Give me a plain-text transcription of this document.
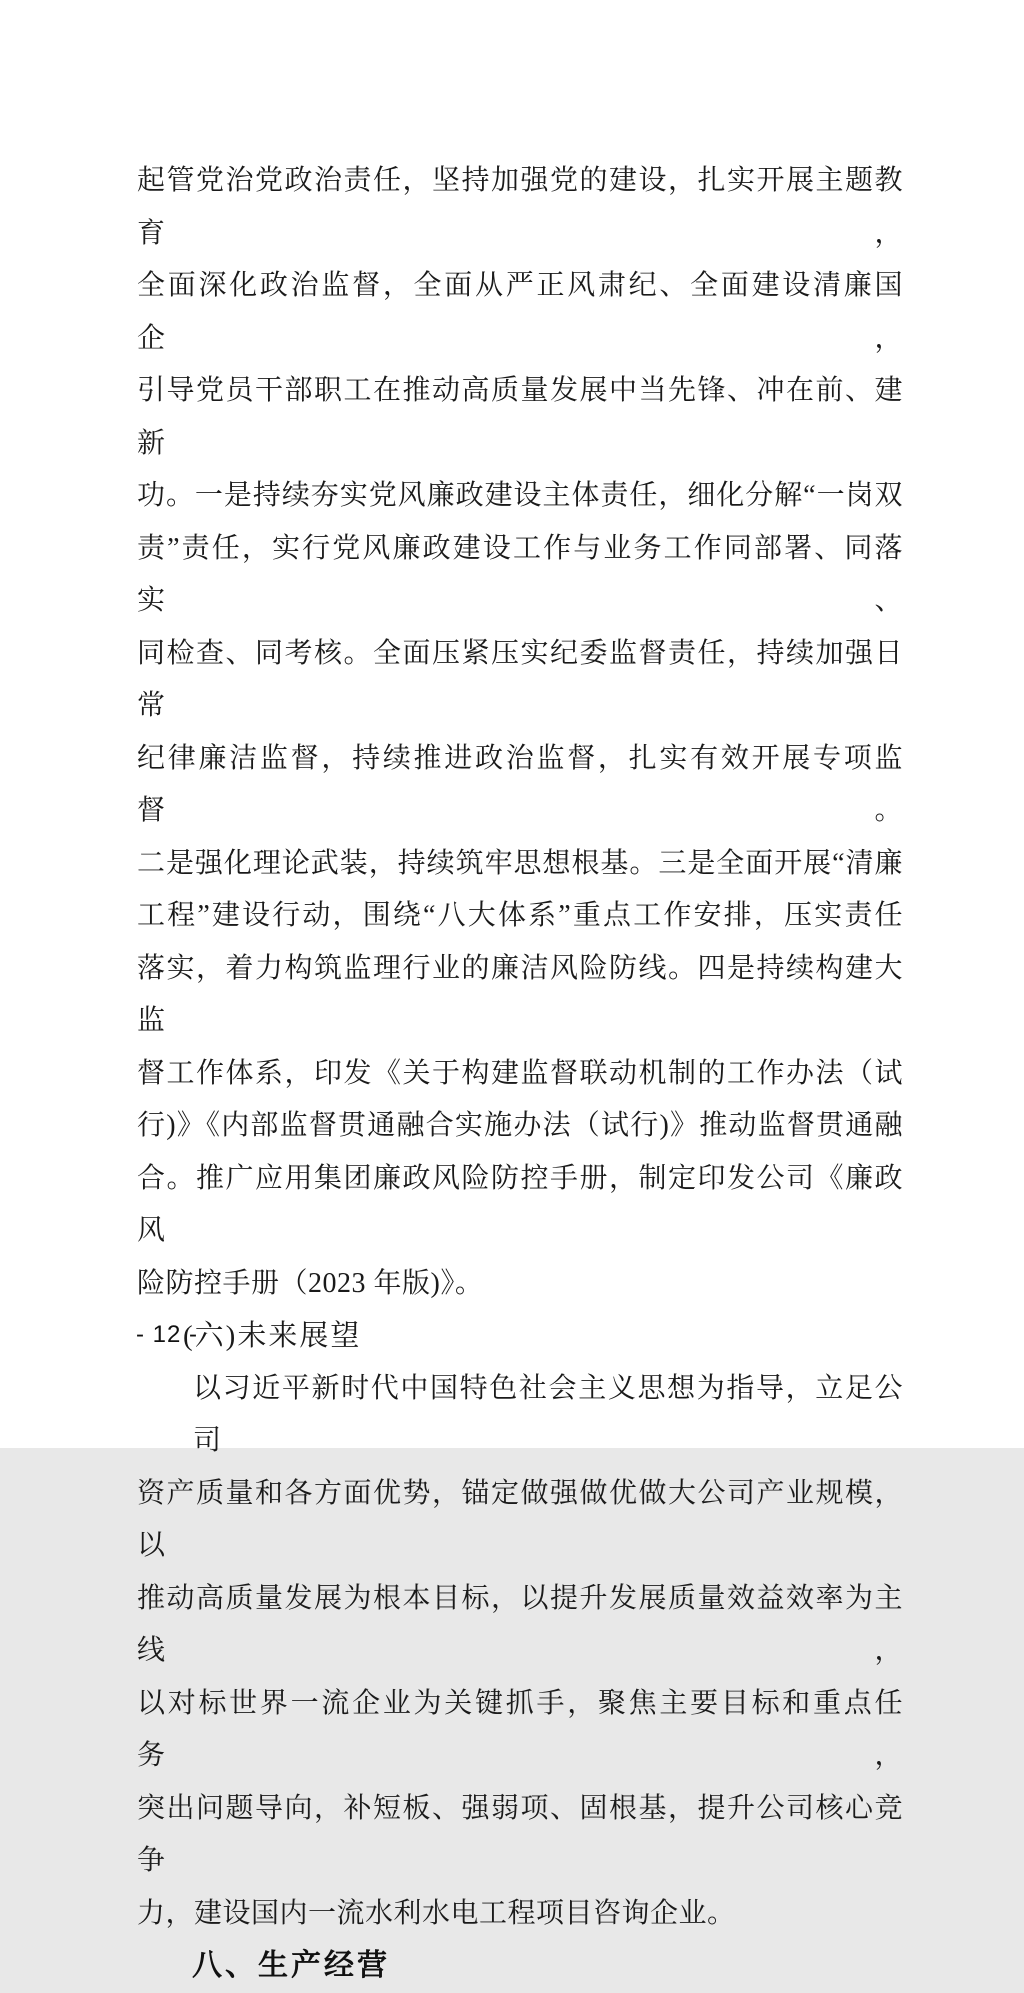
起管党治党政治责任，坚持加强党的建设，扎实开展主题教育，
全面深化政治监督，全面从严正风肃纪、全面建设清廉国企，
引导党员干部职工在推动高质量发展中当先锋、冲在前、建新
功。一是持续夯实党风廉政建设主体责任，细化分解“一岗双
责”责任，实行党风廉政建设工作与业务工作同部署、同落实、
同检查、同考核。全面压紧压实纪委监督责任，持续加强日常
纪律廉洁监督，持续推进政治监督，扎实有效开展专项监督。
二是强化理论武装，持续筑牢思想根基。三是全面开展“清廉
工程”建设行动，围绕“八大体系”重点工作安排，压实责任
落实，着力构筑监理行业的廉洁风险防线。四是持续构建大监
督工作体系，印发《关于构建监督联动机制的工作办法（试
行)》《内部监督贯通融合实施办法（试行)》推动监督贯通融
合。推广应用集团廉政风险防控手册，制定印发公司《廉政风
险防控手册（2023 年版)》。
(六)未来展望
以习近平新时代中国特色社会主义思想为指导，立足公司
资产质量和各方面优势，锚定做强做优做大公司产业规模，以
推动高质量发展为根本目标，以提升发展质量效益效率为主线，
以对标世界一流企业为关键抓手，聚焦主要目标和重点任务，
突出问题导向，补短板、强弱项、固根基，提升公司核心竞争
力，建设国内一流水利水电工程项目咨询企业。
八、生产经营
- 12 -
